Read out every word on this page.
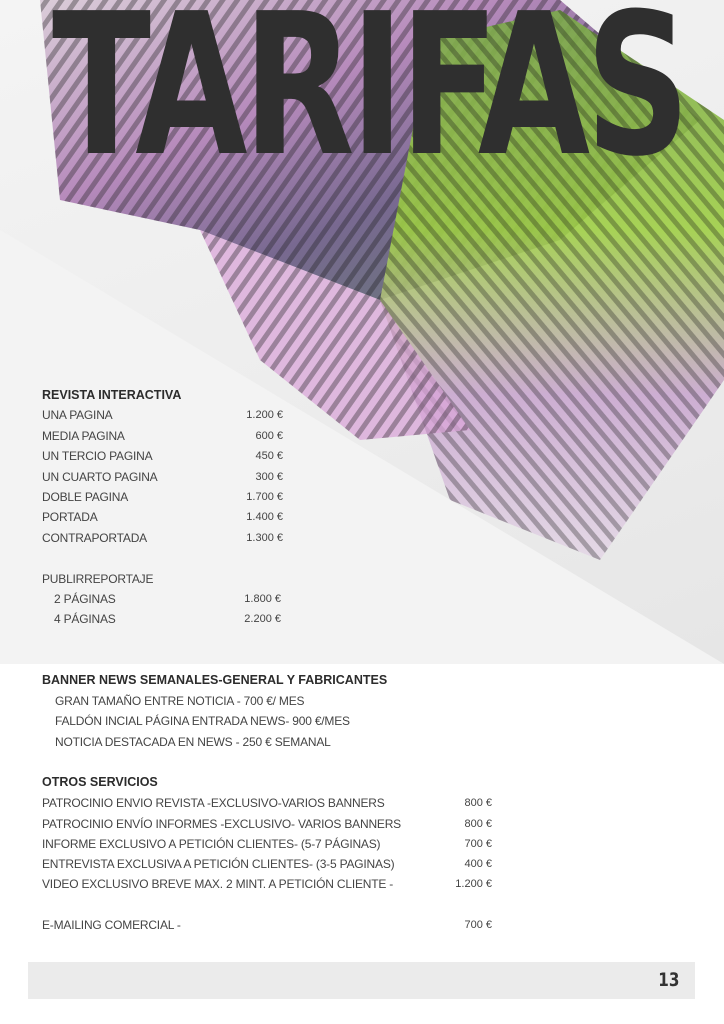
TARIFAS
REVISTA INTERACTIVA
UNA PAGINA	1.200 €
MEDIA PAGINA	600 €
UN TERCIO PAGINA	450 €
UN CUARTO PAGINA	300 €
DOBLE PAGINA	1.700 €
PORTADA	1.400 €
CONTRAPORTADA	1.300 €
PUBLIRREPORTAJE
2 PÁGINAS	1.800 €
4 PÁGINAS	2.200 €
BANNER NEWS SEMANALES-GENERAL Y FABRICANTES
GRAN TAMAÑO ENTRE NOTICIA - 700 €/ MES
FALDÓN INCIAL PÁGINA ENTRADA NEWS- 900 €/MES
NOTICIA DESTACADA EN NEWS - 250 € SEMANAL
OTROS SERVICIOS
PATROCINIO ENVIO REVISTA -EXCLUSIVO-VARIOS BANNERS	800 €
PATROCINIO ENVÍO INFORMES -EXCLUSIVO- VARIOS BANNERS	800 €
INFORME EXCLUSIVO A PETICIÓN CLIENTES- (5-7 PÁGINAS)	700 €
ENTREVISTA EXCLUSIVA A PETICIÓN CLIENTES- (3-5 PAGINAS)	400 €
VIDEO EXCLUSIVO BREVE MAX. 2 MINT. A PETICIÓN CLIENTE -	1.200 €
E-MAILING COMERCIAL -	700 €
13
